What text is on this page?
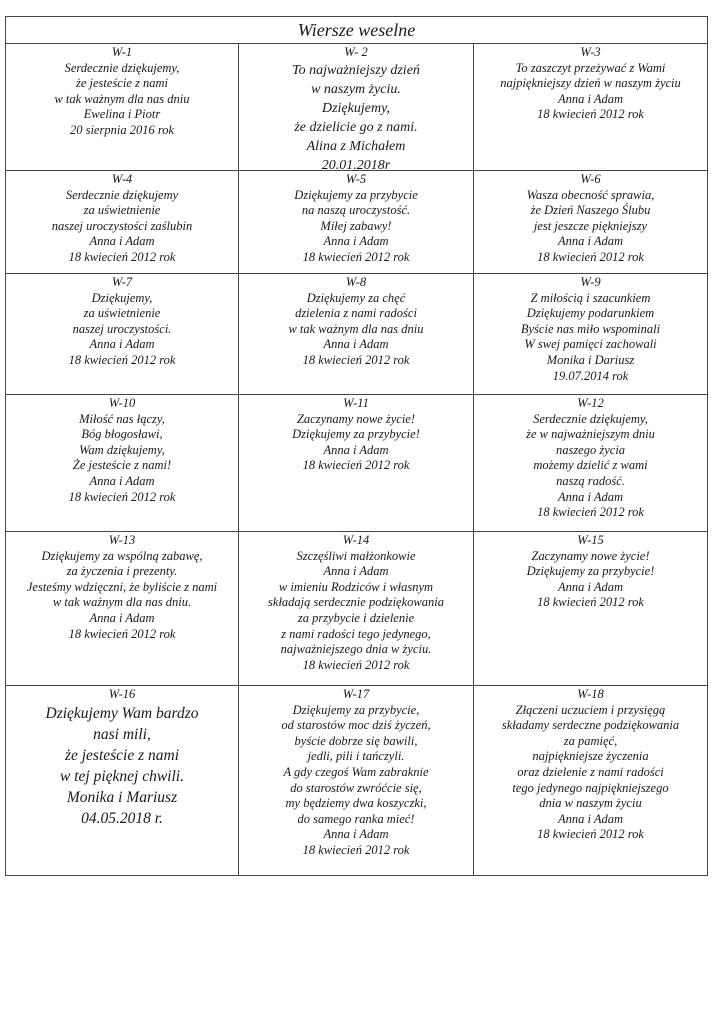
Wiersze weselne
W-1
Serdecznie dziękujemy,
że jesteście z nami
w tak ważnym dla nas dniu
Ewelina i Piotr
20 sierpnia 2016 rok
W- 2
To najważniejszy dzień
w naszym życiu.
Dziękujemy,
że dzielicie go z nami.
Alina z Michałem
20.01.2018r
W-3
To zaszczyt przeżywać z Wami
najpiękniejszy dzień w naszym życiu
Anna i Adam
18 kwiecień 2012 rok
W-4
Serdecznie dziękujemy
za uświetnienie
naszej uroczystości zaślubin
Anna i Adam
18 kwiecień 2012 rok
W-5
Dziękujemy za przybycie
na naszą uroczystość.
Miłej zabawy!
Anna i Adam
18 kwiecień 2012 rok
W-6
Wasza obecność sprawia,
że Dzień Naszego Ślubu
jest jeszcze piękniejszy
Anna i Adam
18 kwiecień 2012 rok
W-7
Dziękujemy,
za uświetnienie
naszej uroczystości.
Anna i Adam
18 kwiecień 2012 rok
W-8
Dziękujemy za chęć
dzielenia z nami radości
w tak ważnym dla nas dniu
Anna i Adam
18 kwiecień 2012 rok
W-9
Z miłością i szacunkiem
Dziękujemy podarunkiem
Byście nas miło wspominali
W swej pamięci zachowali
Monika i Dariusz
19.07.2014 rok
W-10
Miłość nas łączy,
Bóg błogosławi,
Wam dziękujemy,
Że jesteście z nami!
Anna i Adam
18 kwiecień 2012 rok
W-11
Zaczynamy nowe życie!
Dziękujemy za przybycie!
Anna i Adam
18 kwiecień 2012 rok
W-12
Serdecznie dziękujemy,
że w najważniejszym dniu
naszego życia
możemy dzielić z wami
naszą radość.
Anna i Adam
18 kwiecień 2012 rok
W-13
Dziękujemy za wspólną zabawę,
za życzenia i prezenty.
Jesteśmy wdzięczni, że byliście z nami
w tak ważnym dla nas dniu.
Anna i Adam
18 kwiecień 2012 rok
W-14
Szczęśliwi małżonkowie
Anna i Adam
w imieniu Rodziców i własnym
składają serdecznie podziękowania
za przybycie i dzielenie
z nami radości tego jedynego,
najważniejszego dnia w życiu.
18 kwiecień 2012 rok
W-15
Zaczynamy nowe życie!
Dziękujemy za przybycie!
Anna i Adam
18 kwiecień 2012 rok
W-16
Dziękujemy Wam bardzo
nasi mili,
że jesteście z nami
w tej pięknej chwili.
Monika i Mariusz
04.05.2018 r.
W-17
Dziękujemy za przybycie,
od starostów moc dziś życzeń,
byście dobrze się bawili,
jedli, pili i tańczyli.
A gdy czegoś Wam zabraknie
do starostów zwróćcie się,
my będziemy dwa koszyczki,
do samego ranka mieć!
Anna i Adam
18 kwiecień 2012 rok
W-18
Złączeni uczuciem i przysięgą
składamy serdeczne podziękowania
za pamięć,
najpiękniejsze życzenia
oraz dzielenie z nami radości
tego jedynego najpiękniejszego
dnia w naszym życiu
Anna i Adam
18 kwiecień 2012 rok
